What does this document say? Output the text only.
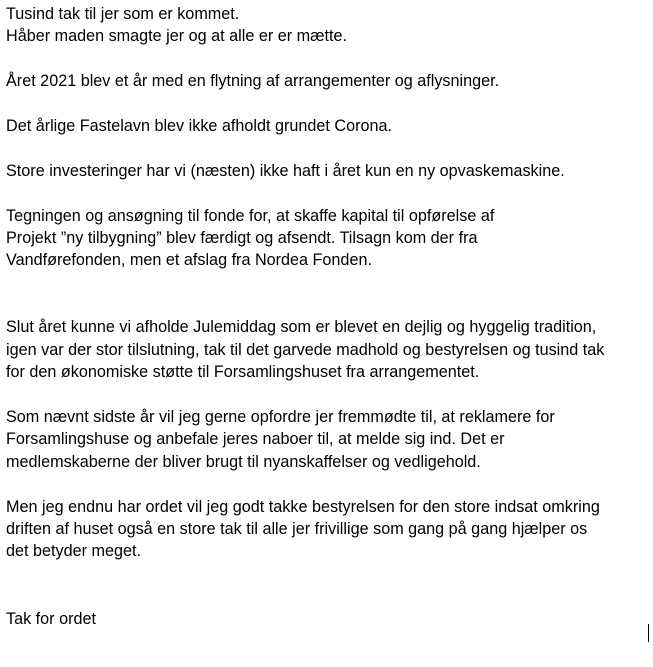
Tusind tak til jer som er kommet.
Håber maden smagte jer og at alle er er mætte.
Året 2021 blev et år med en flytning af arrangementer og aflysninger.
Det årlige Fastelavn blev ikke afholdt grundet Corona.
Store investeringer har vi (næsten) ikke haft i året kun en ny opvaskemaskine.
Tegningen og ansøgning til fonde for, at skaffe kapital til opførelse af
Projekt ”ny tilbygning” blev færdigt og afsendt. Tilsagn kom der fra
Vandførefonden, men et afslag fra Nordea Fonden.
Slut året kunne vi afholde Julemiddag som er blevet en dejlig og hyggelig tradition,
igen var der stor tilslutning, tak til det garvede madhold og bestyrelsen og tusind tak
for den økonomiske støtte til Forsamlingshuset fra arrangementet.
Som nævnt sidste år vil jeg gerne opfordre jer fremmødte til, at reklamere for
Forsamlingshuse og anbefale jeres naboer til, at melde sig ind. Det er
medlemskaberne der bliver brugt til nyanskaffelser og vedligehold.
Men jeg endnu har ordet vil jeg godt takke bestyrelsen for den store indsat omkring
driften af huset også en store tak til alle jer frivillige som gang på gang hjælper os
det betyder meget.
Tak for ordet
